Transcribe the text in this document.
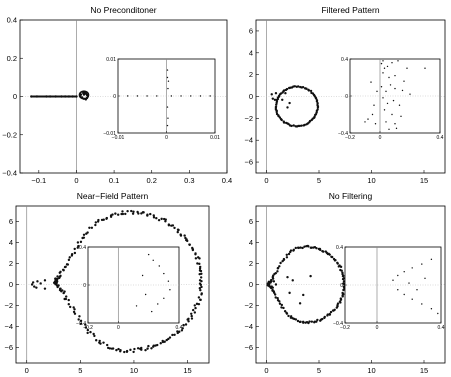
No Preconditoner
−0.1	0	0.1	0.2	0.3	0.4
−0.4
−0.2
0
0.2
0.4
−0.01	0	0.01
−0.01
0
0.01
Filtered Pattern
0	5	10	15
−6
−4
−2
0
2
4
6
−0.2	0	0.4
−0.4
0
0.4
Near−Field Pattern
0	5	10	15
−6
−4
−2
0
2
4
6
−0.2	0	0.4
−0.4
0
0.4
No Filtering
0	5	10	15
−6
−4
−2
0
2
4
6
−0.2	0	0.4
−0.4
0
0.4
